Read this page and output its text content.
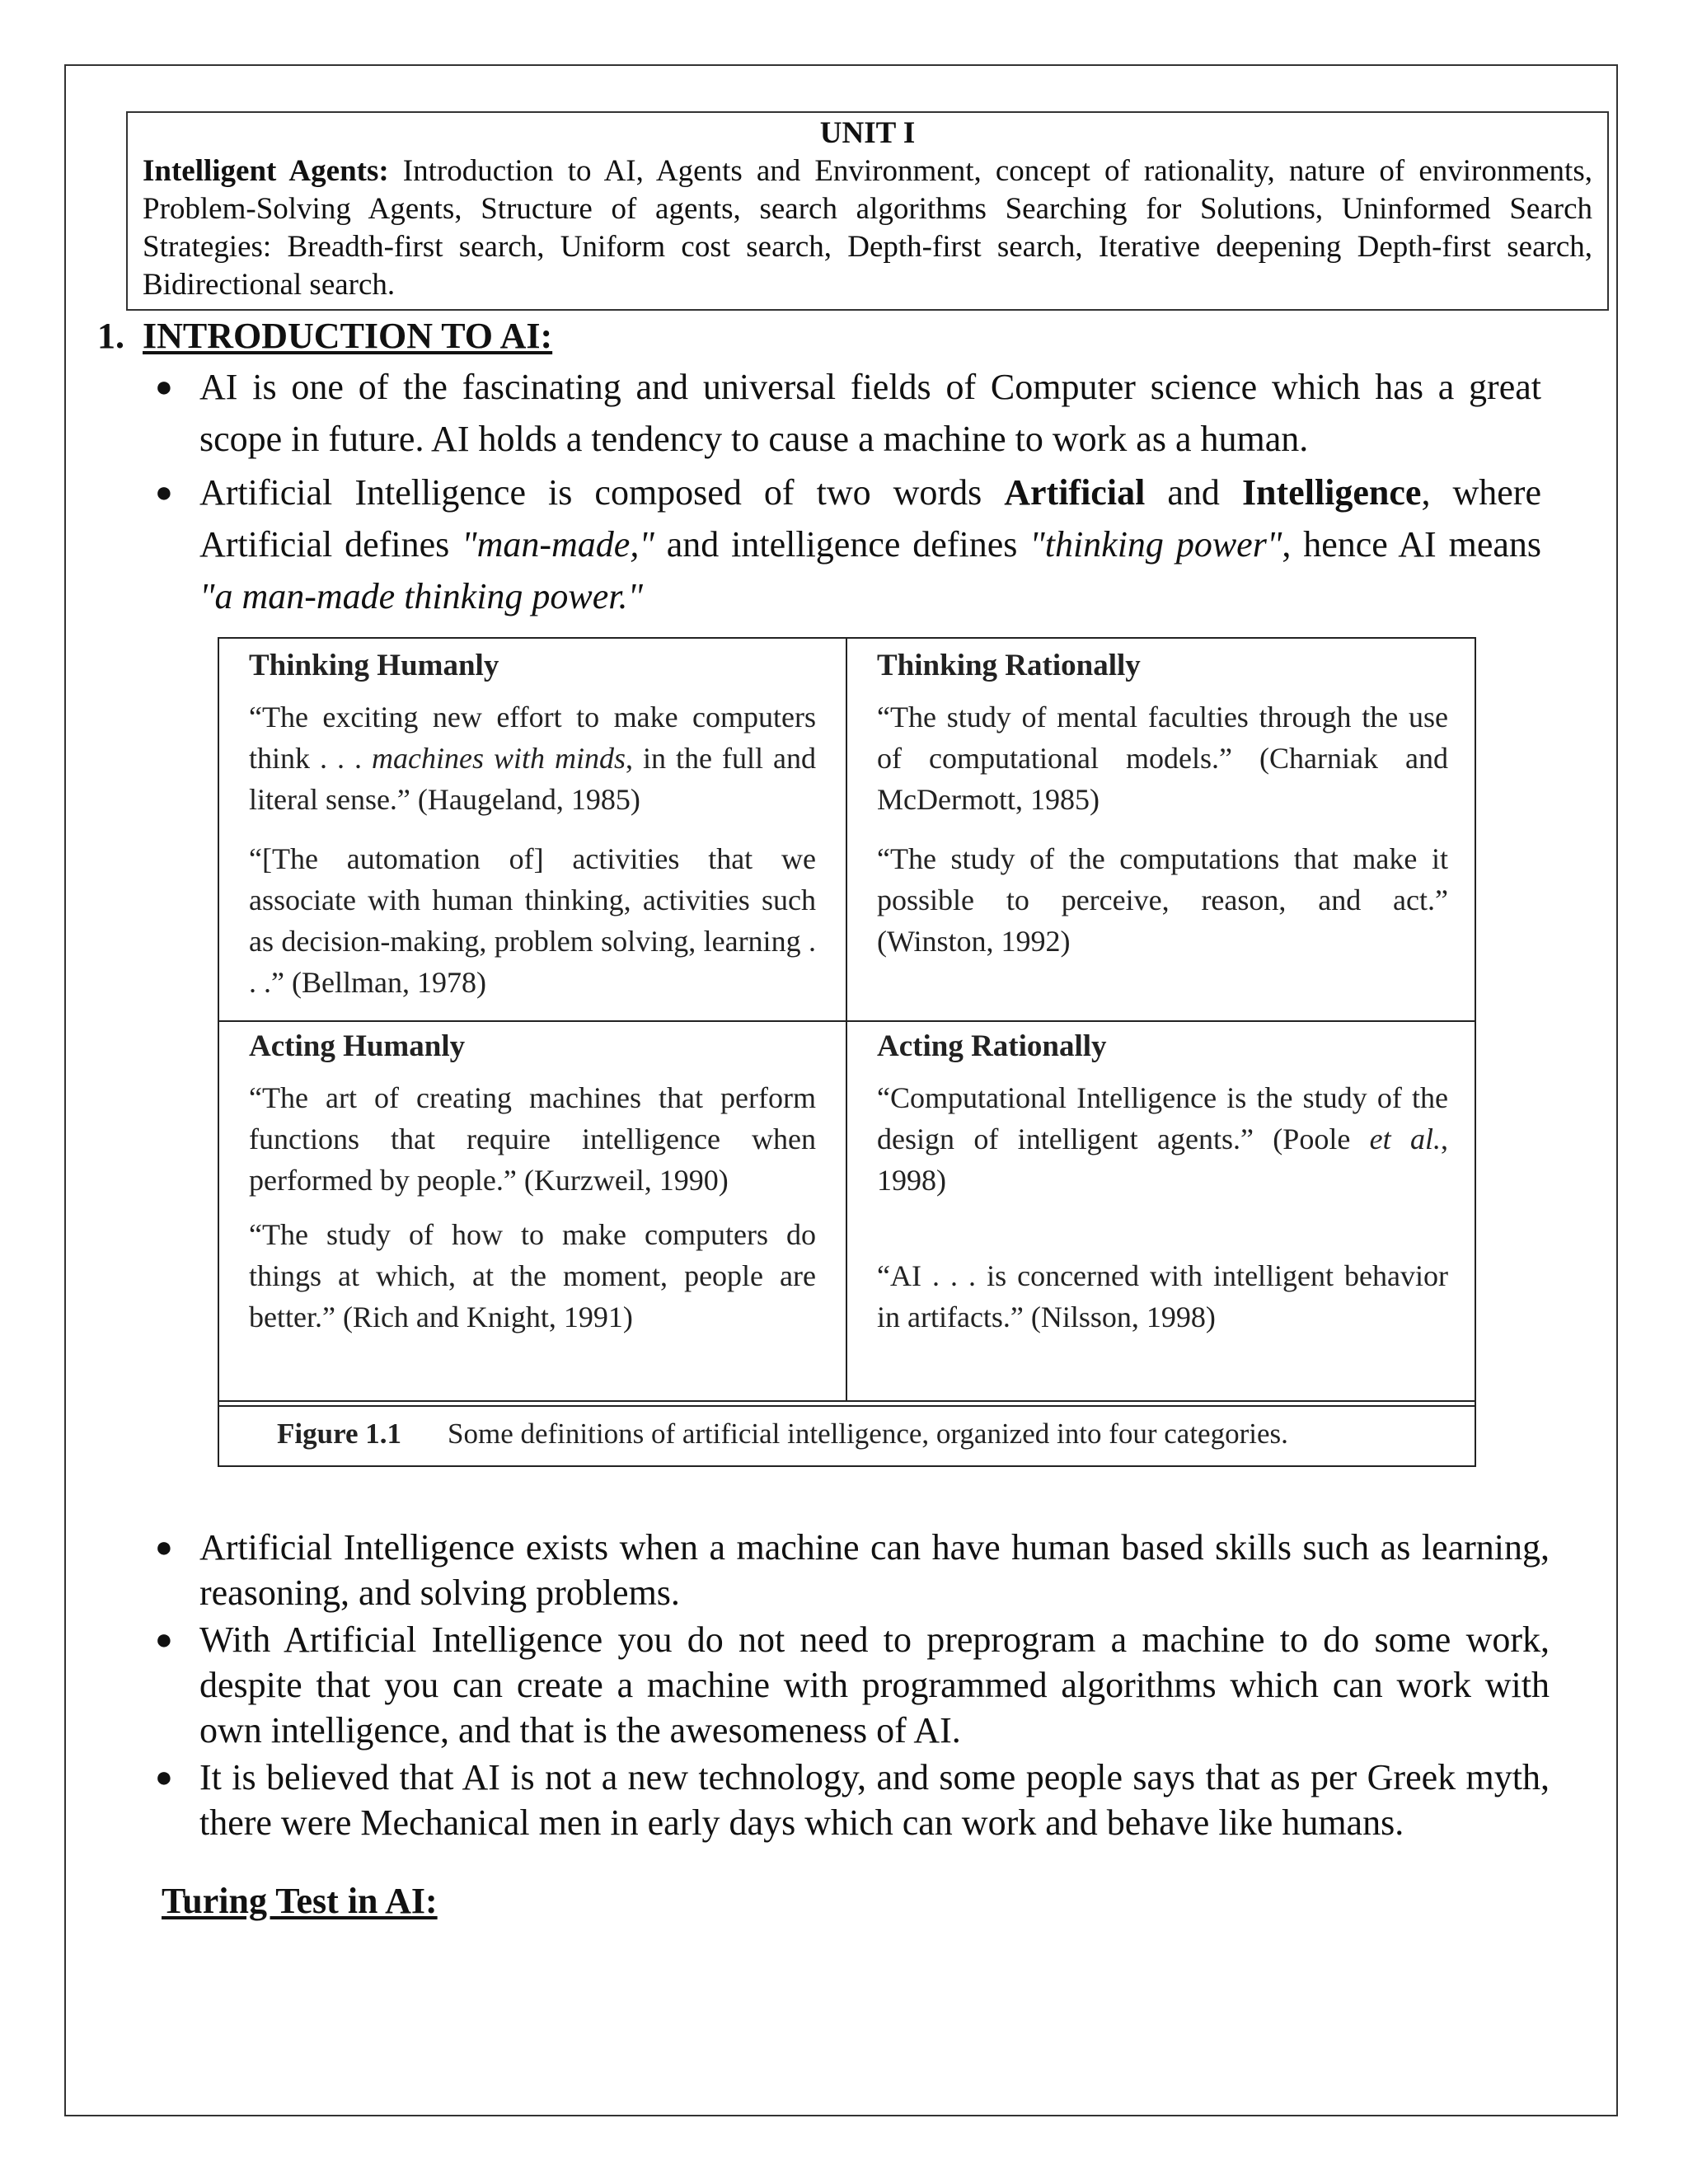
UNIT I
Intelligent Agents: Introduction to AI, Agents and Environment, concept of rationality, nature of environments, Problem-Solving Agents, Structure of agents, search algorithms Searching for Solutions, Uninformed Search Strategies: Breadth-first search, Uniform cost search, Depth-first search, Iterative deepening Depth-first search, Bidirectional search.
1. INTRODUCTION TO AI:
● AI is one of the fascinating and universal fields of Computer science which has a great scope in future. AI holds a tendency to cause a machine to work as a human.
● Artificial Intelligence is composed of two words Artificial and Intelligence, where Artificial defines "man-made," and intelligence defines "thinking power", hence AI means "a man-made thinking power."
Thinking Humanly

“The exciting new effort to make computers think . . . machines with minds, in the full and literal sense.” (Haugeland, 1985)

“[The automation of] activities that we associate with human thinking, activities such as decision-making, problem solving, learning . . .” (Bellman, 1978)

Thinking Rationally

“The study of mental faculties through the use of computational models.” (Charniak and McDermott, 1985)

“The study of the computations that make it possible to perceive, reason, and act.” (Winston, 1992)

Acting Humanly

“The art of creating machines that perform functions that require intelligence when performed by people.” (Kurzweil, 1990)

“The study of how to make computers do things at which, at the moment, people are better.” (Rich and Knight, 1991)

Acting Rationally

“Computational Intelligence is the study of the design of intelligent agents.” (Poole et al., 1998)

“AI . . . is concerned with intelligent behavior in artifacts.” (Nilsson, 1998)

Figure 1.1 Some definitions of artificial intelligence, organized into four categories.
● Artificial Intelligence exists when a machine can have human based skills such as learning, reasoning, and solving problems.
● With Artificial Intelligence you do not need to preprogram a machine to do some work, despite that you can create a machine with programmed algorithms which can work with own intelligence, and that is the awesomeness of AI.
● It is believed that AI is not a new technology, and some people says that as per Greek myth, there were Mechanical men in early days which can work and behave like humans.
Turing Test in AI:
